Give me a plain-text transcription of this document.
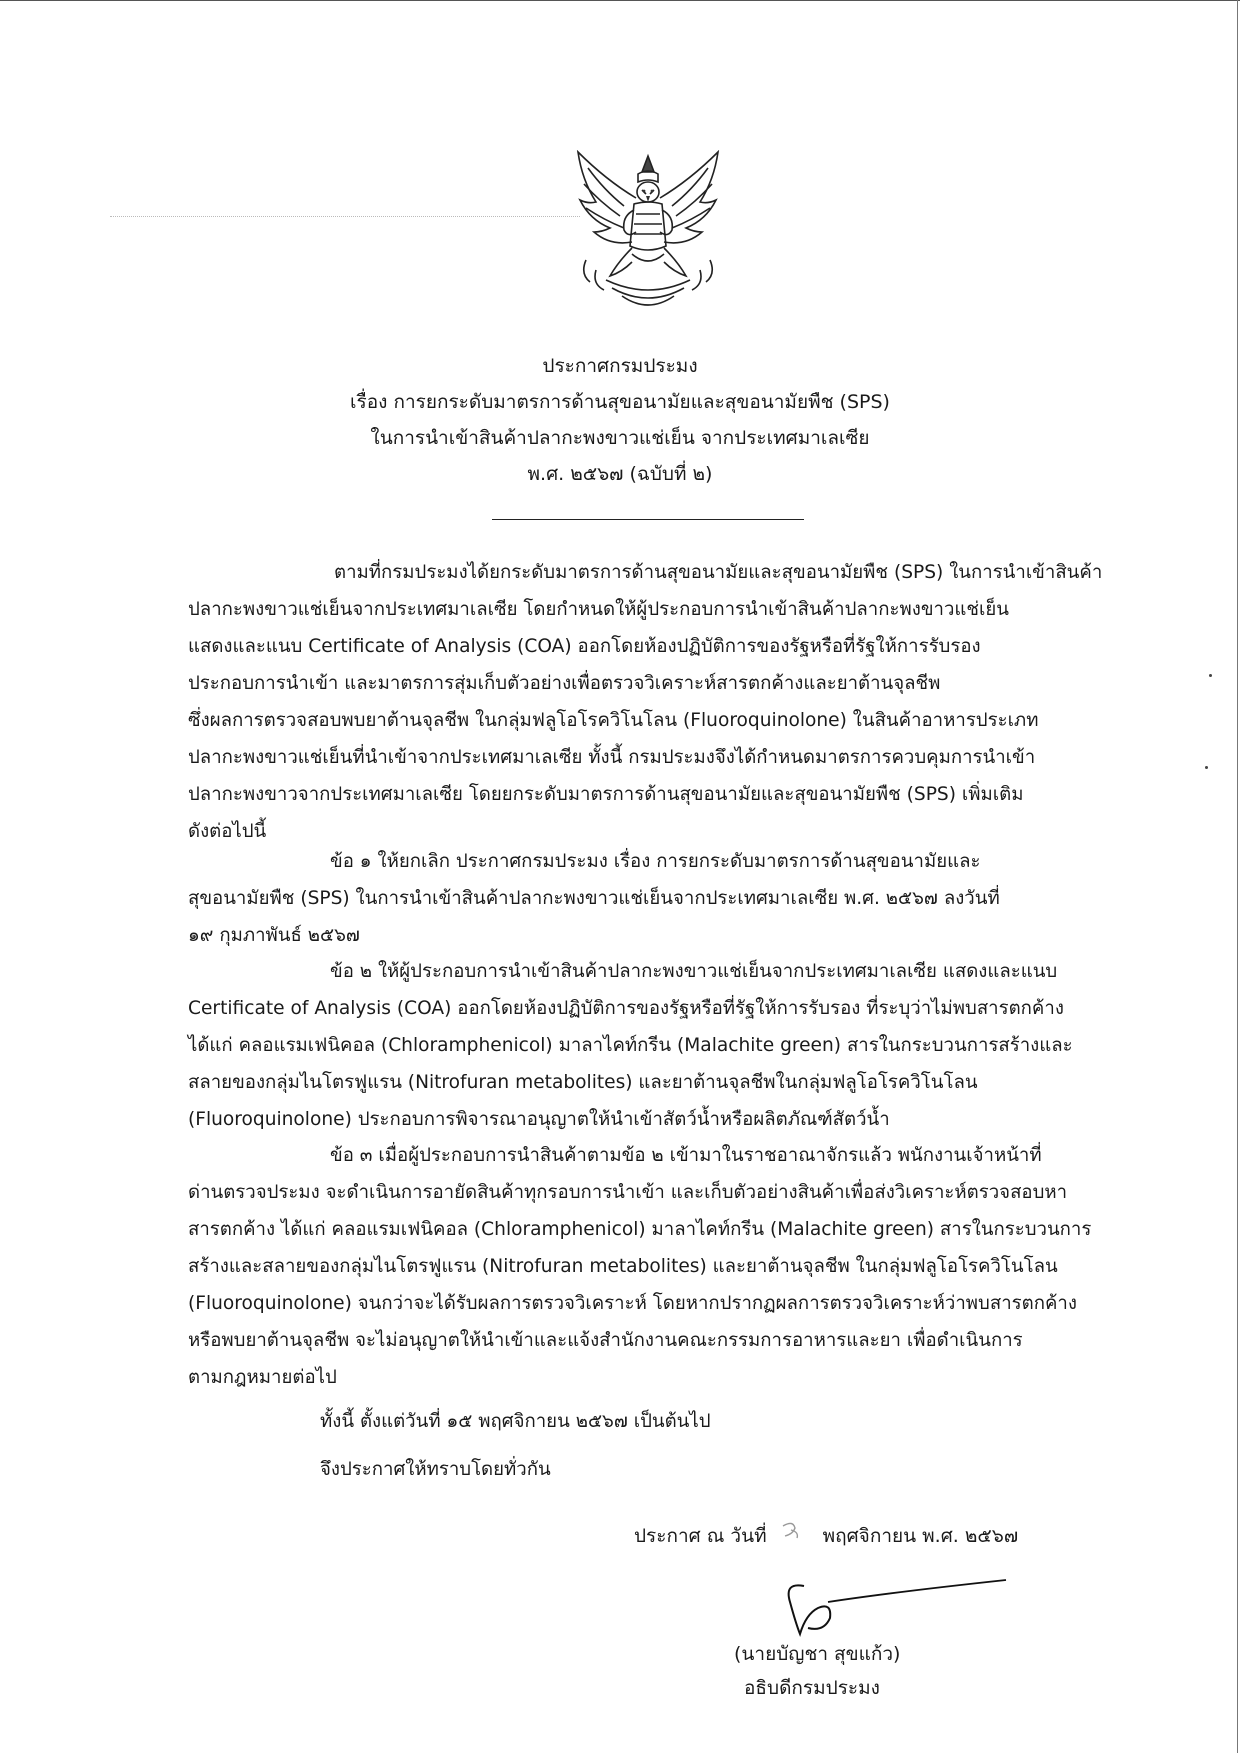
ประกาศกรมประมง
เรื่อง การยกระดับมาตรการด้านสุขอนามัยและสุขอนามัยพืช (SPS)
ในการนำเข้าสินค้าปลากะพงขาวแช่เย็น จากประเทศมาเลเซีย
พ.ศ. ๒๕๖๗ (ฉบับที่ ๒)
ตามที่กรมประมงได้ยกระดับมาตรการด้านสุขอนามัยและสุขอนามัยพืช (SPS) ในการนำเข้าสินค้า
ปลากะพงขาวแช่เย็นจากประเทศมาเลเซีย โดยกำหนดให้ผู้ประกอบการนำเข้าสินค้าปลากะพงขาวแช่เย็น
แสดงและแนบ Certificate of Analysis (COA) ออกโดยห้องปฏิบัติการของรัฐหรือที่รัฐให้การรับรอง
ประกอบการนำเข้า และมาตรการสุ่มเก็บตัวอย่างเพื่อตรวจวิเคราะห์สารตกค้างและยาต้านจุลชีพ
ซึ่งผลการตรวจสอบพบยาต้านจุลชีพ ในกลุ่มฟลูโอโรควิโนโลน (Fluoroquinolone) ในสินค้าอาหารประเภท
ปลากะพงขาวแช่เย็นที่นำเข้าจากประเทศมาเลเซีย ทั้งนี้ กรมประมงจึงได้กำหนดมาตรการควบคุมการนำเข้า
ปลากะพงขาวจากประเทศมาเลเซีย โดยยกระดับมาตรการด้านสุขอนามัยและสุขอนามัยพืช (SPS) เพิ่มเติม
ดังต่อไปนี้
ข้อ ๑ ให้ยกเลิก ประกาศกรมประมง เรื่อง การยกระดับมาตรการด้านสุขอนามัยและ
สุขอนามัยพืช (SPS) ในการนำเข้าสินค้าปลากะพงขาวแช่เย็นจากประเทศมาเลเซีย พ.ศ. ๒๕๖๗ ลงวันที่
๑๙ กุมภาพันธ์ ๒๕๖๗
ข้อ ๒ ให้ผู้ประกอบการนำเข้าสินค้าปลากะพงขาวแช่เย็นจากประเทศมาเลเซีย แสดงและแนบ
Certificate of Analysis (COA) ออกโดยห้องปฏิบัติการของรัฐหรือที่รัฐให้การรับรอง ที่ระบุว่าไม่พบสารตกค้าง
ได้แก่ คลอแรมเฟนิคอล (Chloramphenicol) มาลาไคท์กรีน (Malachite green) สารในกระบวนการสร้างและ
สลายของกลุ่มไนโตรฟูแรน (Nitrofuran metabolites) และยาต้านจุลชีพในกลุ่มฟลูโอโรควิโนโลน
(Fluoroquinolone) ประกอบการพิจารณาอนุญาตให้นำเข้าสัตว์น้ำหรือผลิตภัณฑ์สัตว์น้ำ
ข้อ ๓ เมื่อผู้ประกอบการนำสินค้าตามข้อ ๒ เข้ามาในราชอาณาจักรแล้ว พนักงานเจ้าหน้าที่
ด่านตรวจประมง จะดำเนินการอายัดสินค้าทุกรอบการนำเข้า และเก็บตัวอย่างสินค้าเพื่อส่งวิเคราะห์ตรวจสอบหา
สารตกค้าง ได้แก่ คลอแรมเฟนิคอล (Chloramphenicol) มาลาไคท์กรีน (Malachite green) สารในกระบวนการ
สร้างและสลายของกลุ่มไนโตรฟูแรน (Nitrofuran metabolites) และยาต้านจุลชีพ ในกลุ่มฟลูโอโรควิโนโลน
(Fluoroquinolone) จนกว่าจะได้รับผลการตรวจวิเคราะห์ โดยหากปรากฏผลการตรวจวิเคราะห์ว่าพบสารตกค้าง
หรือพบยาต้านจุลชีพ จะไม่อนุญาตให้นำเข้าและแจ้งสำนักงานคณะกรรมการอาหารและยา เพื่อดำเนินการ
ตามกฎหมายต่อไป
ทั้งนี้ ตั้งแต่วันที่ ๑๕ พฤศจิกายน ๒๕๖๗ เป็นต้นไป
จึงประกาศให้ทราบโดยทั่วกัน
ประกาศ ณ วันที่	พฤศจิกายน พ.ศ. ๒๕๖๗
(นายบัญชา สุขแก้ว)
อธิบดีกรมประมง
